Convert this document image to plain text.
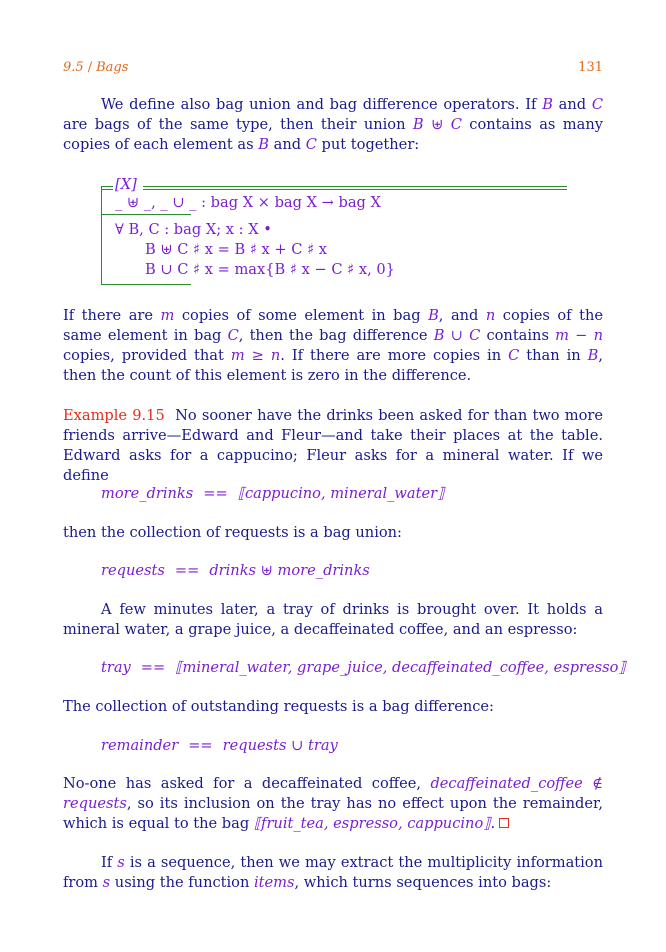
9.5 / Bags	131
We define also bag union and bag difference operators. If B and C are bags of the same type, then their union B ⊎ C contains as many copies of each element as B and C put together:
[X]
_ ⊎ _, _ ∪ _ : bag X × bag X → bag X
∀ B, C : bag X; x : X •
B ⊎ C ♯ x = B ♯ x + C ♯ x
B ∪ C ♯ x = max{B ♯ x − C ♯ x, 0}
If there are m copies of some element in bag B, and n copies of the same element in bag C, then the bag difference B ∪ C contains m − n copies, provided that m ≥ n. If there are more copies in C than in B, then the count of this element is zero in the difference.
Example 9.15 No sooner have the drinks been asked for than two more friends arrive—Edward and Fleur—and take their places at the table. Edward asks for a cappucino; Fleur asks for a mineral water. If we define
more_drinks == ⟦cappucino, mineral_water⟧
then the collection of requests is a bag union:
requests == drinks ⊎ more_drinks
A few minutes later, a tray of drinks is brought over. It holds a mineral water, a grape juice, a decaffeinated coffee, and an espresso:
tray == ⟦mineral_water, grape_juice, decaffeinated_coffee, espresso⟧
The collection of outstanding requests is a bag difference:
remainder == requests ∪ tray
No-one has asked for a decaffeinated coffee, decaffeinated_coffee ∉ requests, so its inclusion on the tray has no effect upon the remainder, which is equal to the bag ⟦fruit_tea, espresso, cappucino⟧.
If s is a sequence, then we may extract the multiplicity information from s using the function items, which turns sequences into bags:
